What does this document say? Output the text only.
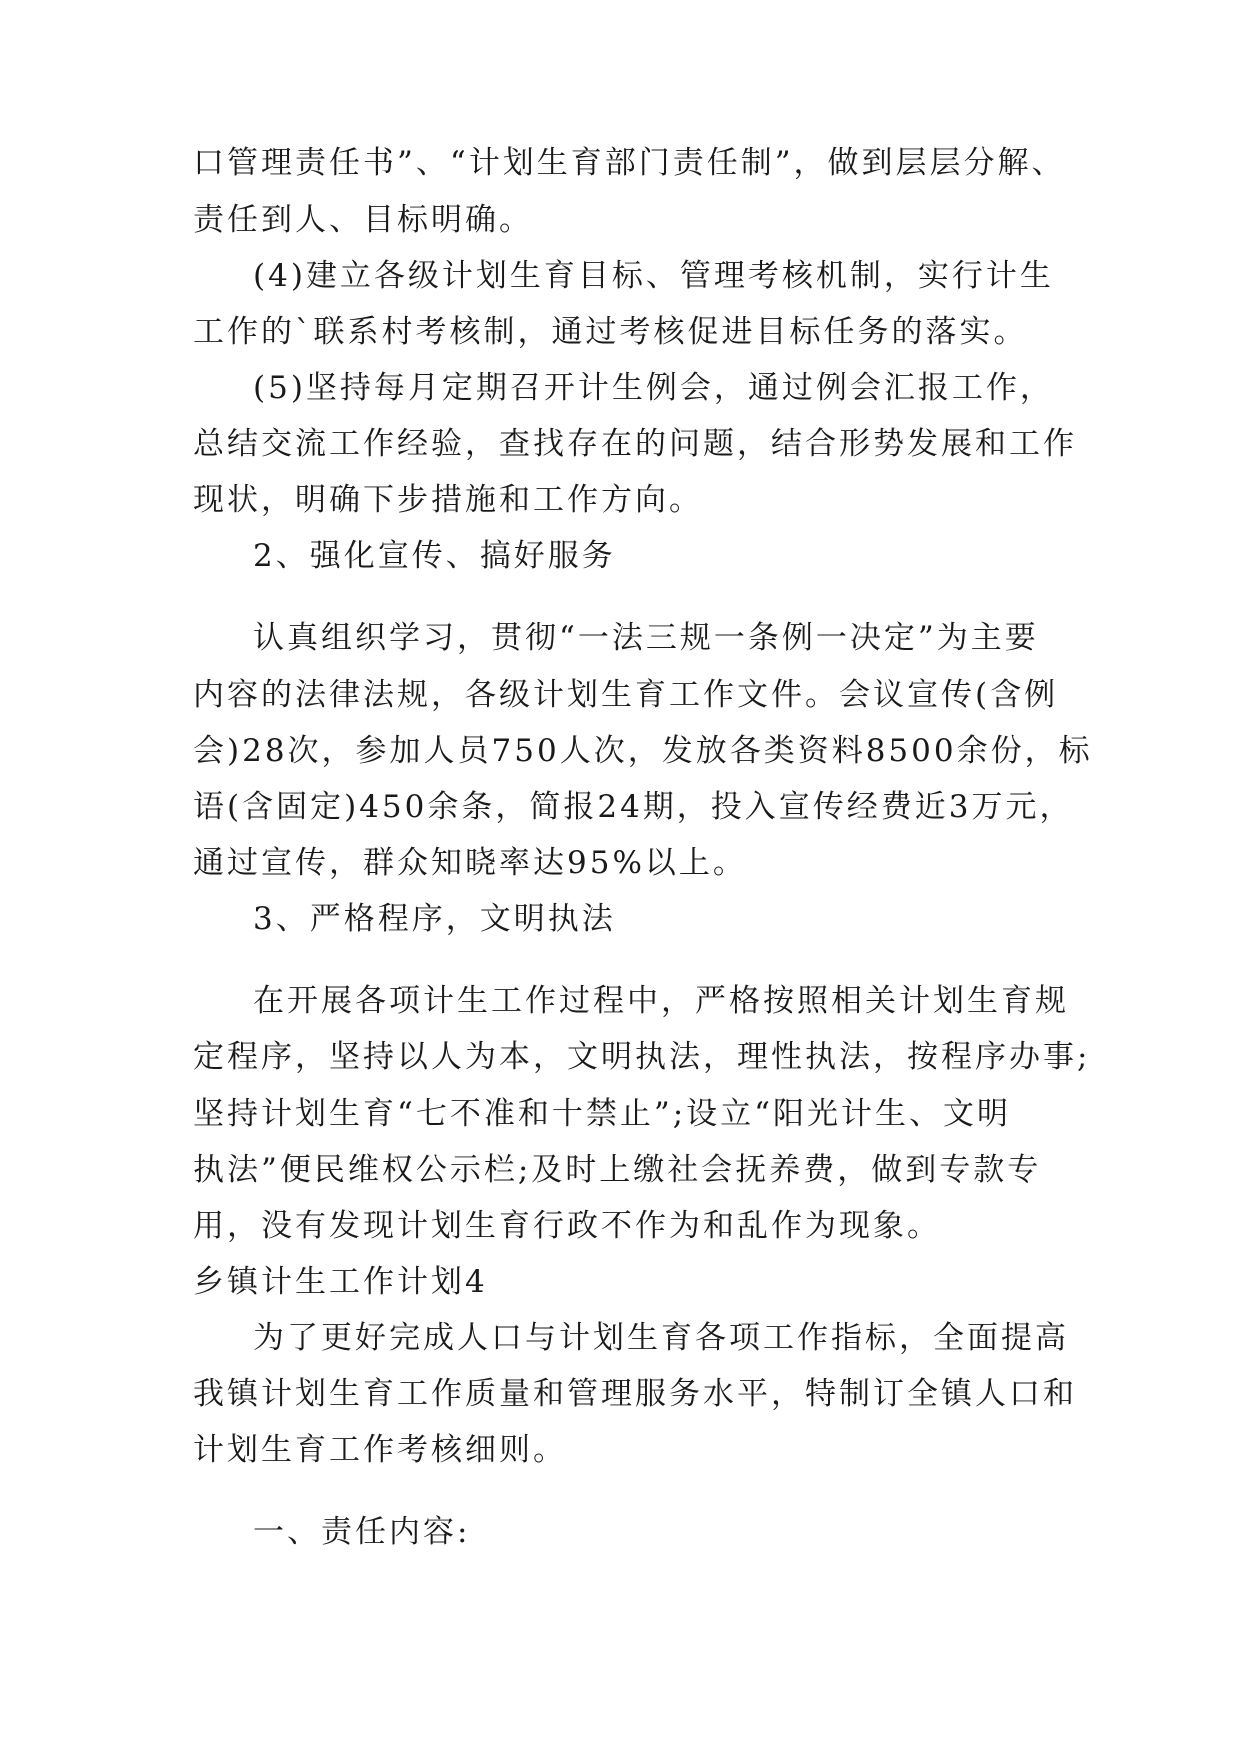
口管理责任书”、“计划生育部门责任制”，做到层层分解、
责任到人、目标明确。
(4)建立各级计划生育目标、管理考核机制，实行计生
工作的`联系村考核制，通过考核促进目标任务的落实。
(5)坚持每月定期召开计生例会，通过例会汇报工作，
总结交流工作经验，查找存在的问题，结合形势发展和工作
现状，明确下步措施和工作方向。
2、强化宣传、搞好服务
认真组织学习，贯彻“一法三规一条例一决定”为主要
内容的法律法规，各级计划生育工作文件。会议宣传(含例
会)28次，参加人员750人次，发放各类资料8500余份，标
语(含固定)450余条，简报24期，投入宣传经费近3万元，
通过宣传，群众知晓率达95%以上。
3、严格程序，文明执法
在开展各项计生工作过程中，严格按照相关计划生育规
定程序，坚持以人为本，文明执法，理性执法，按程序办事;
坚持计划生育“七不准和十禁止”;设立“阳光计生、文明
执法”便民维权公示栏;及时上缴社会抚养费，做到专款专
用，没有发现计划生育行政不作为和乱作为现象。
乡镇计生工作计划4
为了更好完成人口与计划生育各项工作指标，全面提高
我镇计划生育工作质量和管理服务水平，特制订全镇人口和
计划生育工作考核细则。
一、责任内容:
